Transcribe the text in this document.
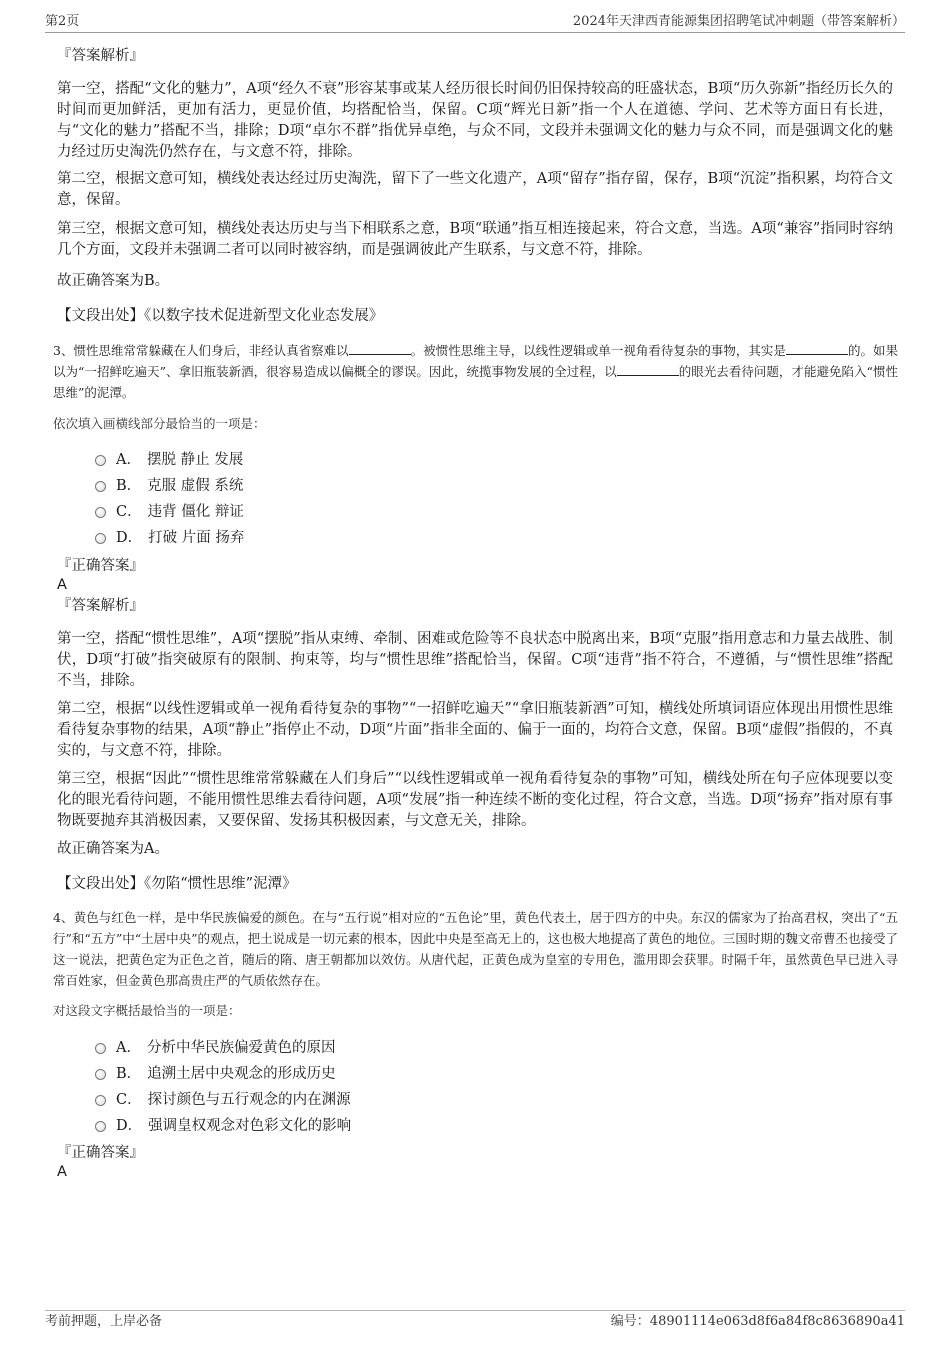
第2页	2024年天津西青能源集团招聘笔试冲刺题（带答案解析）

『答案解析』

第一空，搭配“文化的魅力”，A项“经久不衰”形容某事或某人经历很长时间仍旧保持较高的旺盛状态，B项“历久弥新”指经历长久的时间而更加鲜活，更加有活力，更显价值，均搭配恰当，保留。C项“辉光日新”指一个人在道德、学问、艺术等方面日有长进，与“文化的魅力”搭配不当，排除；D项“卓尔不群”指优异卓绝，与众不同，文段并未强调文化的魅力与众不同，而是强调文化的魅力经过历史淘洗仍然存在，与文意不符，排除。

第二空，根据文意可知，横线处表达经过历史淘洗，留下了一些文化遗产，A项“留存”指存留，保存，B项“沉淀”指积累，均符合文意，保留。

第三空，根据文意可知，横线处表达历史与当下相联系之意，B项“联通”指互相连接起来，符合文意，当选。A项“兼容”指同时容纳几个方面，文段并未强调二者可以同时被容纳，而是强调彼此产生联系，与文意不符，排除。

故正确答案为B。

【文段出处】《以数字技术促进新型文化业态发展》

3、惯性思维常常躲藏在人们身后，非经认真省察难以	。被惯性思维主导，以线性逻辑或单一视角看待复杂的事物，其实是	的。如果以为“一招鲜吃遍天”、拿旧瓶装新酒，很容易造成以偏概全的谬误。因此，统揽事物发展的全过程，以	的眼光去看待问题，才能避免陷入“惯性思维”的泥潭。

依次填入画横线部分最恰当的一项是：

A． 摆脱 静止 发展
B． 克服 虚假 系统
C． 违背 僵化 辩证
D． 打破 片面 扬弃

『正确答案』

A

『答案解析』

第一空，搭配“惯性思维”，A项“摆脱”指从束缚、牵制、困难或危险等不良状态中脱离出来，B项“克服”指用意志和力量去战胜、制伏，D项“打破”指突破原有的限制、拘束等，均与“惯性思维”搭配恰当，保留。C项“违背”指不符合，不遵循，与“惯性思维”搭配不当，排除。

第二空，根据“以线性逻辑或单一视角看待复杂的事物”“一招鲜吃遍天”“拿旧瓶装新酒”可知，横线处所填词语应体现出用惯性思维看待复杂事物的结果，A项“静止”指停止不动，D项“片面”指非全面的、偏于一面的，均符合文意，保留。B项“虚假”指假的，不真实的，与文意不符，排除。

第三空，根据“因此”“惯性思维常常躲藏在人们身后”“以线性逻辑或单一视角看待复杂的事物”可知，横线处所在句子应体现要以变化的眼光看待问题，不能用惯性思维去看待问题，A项“发展”指一种连续不断的变化过程，符合文意，当选。D项“扬弃”指对原有事物既要抛弃其消极因素，又要保留、发扬其积极因素，与文意无关，排除。

故正确答案为A。

【文段出处】《勿陷“惯性思维”泥潭》

4、黄色与红色一样，是中华民族偏爱的颜色。在与“五行说”相对应的“五色论”里，黄色代表土，居于四方的中央。东汉的儒家为了抬高君权，突出了“五行”和“五方”中“土居中央”的观点，把土说成是一切元素的根本，因此中央是至高无上的，这也极大地提高了黄色的地位。三国时期的魏文帝曹丕也接受了这一说法，把黄色定为正色之首，随后的隋、唐王朝都加以效仿。从唐代起，正黄色成为皇室的专用色，滥用即会获罪。时隔千年，虽然黄色早已进入寻常百姓家，但金黄色那高贵庄严的气质依然存在。

对这段文字概括最恰当的一项是：

A． 分析中华民族偏爱黄色的原因
B． 追溯土居中央观念的形成历史
C． 探讨颜色与五行观念的内在渊源
D． 强调皇权观念对色彩文化的影响

『正确答案』

A

考前押题，上岸必备	编号：48901114e063d8f6a84f8c8636890a41
